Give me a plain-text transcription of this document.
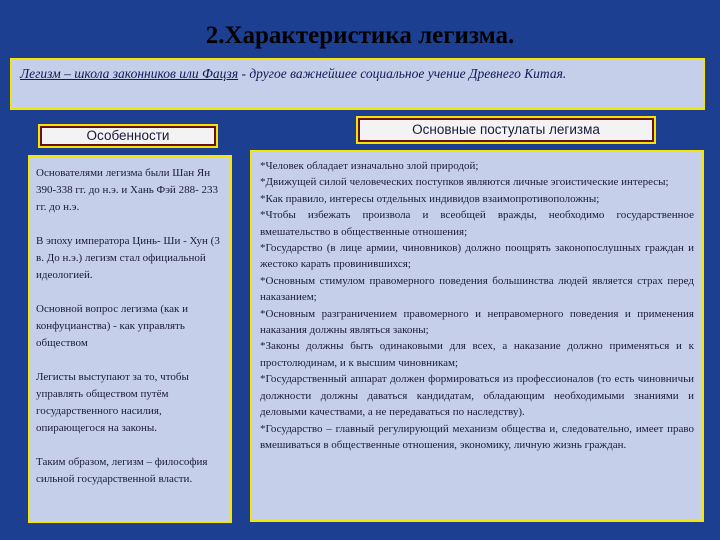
2.Характеристика легизма.
Легизм – школа законников или Фацзя - другое важнейшее социальное учение Древнего Китая.
Особенности	Основные постулаты легизма

Основателями легизма были Шан Ян 390-338 гг. до н.э. и Хань Фэй 288- 233 гг. до н.э.

В эпоху императора Цинь- Ши - Хун (3 в. До н.э.) легизм стал официальной идеологией.

Основной вопрос легизма (как и конфуцианства) - как управлять обществом

Легисты выступают за то, чтобы управлять обществом путём государственного насилия, опирающегося на законы.

Таким образом, легизм – философия сильной государственной власти.

*Человек обладает изначально злой природой;

*Движущей силой человеческих поступков являются личные эгоистические интересы;

*Как правило, интересы отдельных индивидов взаимопротивоположны;

*Чтобы избежать произвола и всеобщей вражды, необходимо государственное вмешательство в общественные отношения;

*Государство (в лице армии, чиновников) должно поощрять законопослушных граждан и жестоко карать провинившихся;

*Основным стимулом правомерного поведения большинства людей является страх перед наказанием;

*Основным разграничением правомерного и неправомерного поведения и применения наказания должны являться законы;

*Законы должны быть одинаковыми для всех, а наказание должно применяться и к простолюдинам, и к высшим чиновникам;

*Государственный аппарат должен формироваться из профессионалов (то есть чиновничьи должности должны даваться кандидатам, обладающим необходимыми знаниями и деловыми качествами, а не передаваться по наследству).

*Государство – главный регулирующий механизм общества и, следовательно, имеет право вмешиваться в общественные отношения, экономику, личную жизнь граждан.
